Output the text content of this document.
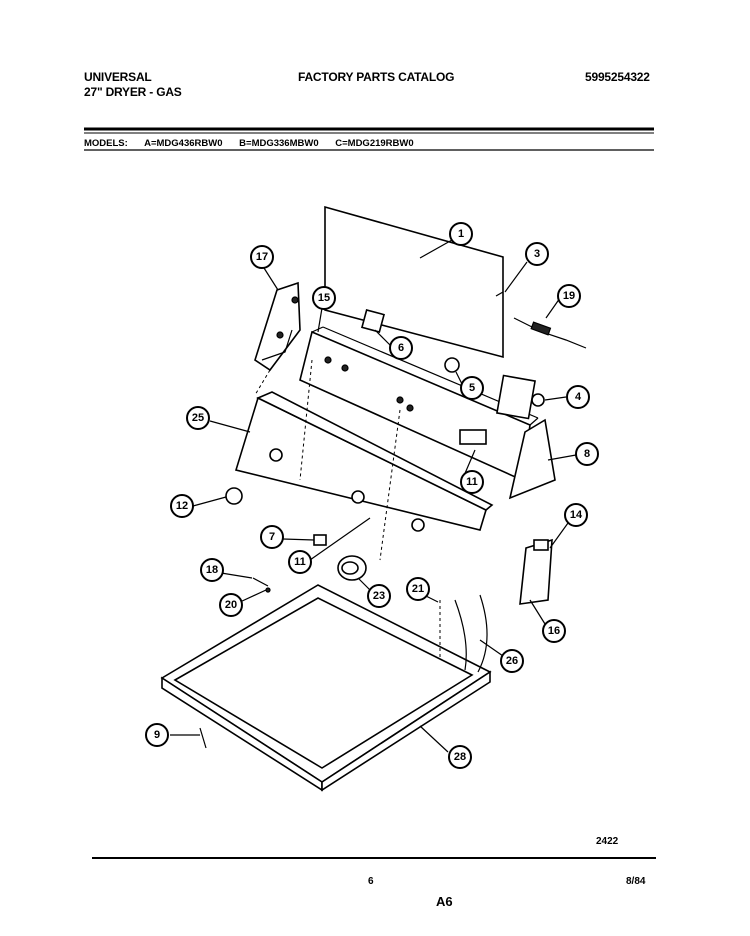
UNIVERSAL
27" DRYER - GAS
FACTORY PARTS CATALOG	5995254322
MODELS: A=MDG436RBW0 B=MDG336MBW0 C=MDG219RBW0
1
3
19
17
15
6
5
4
8
11
25
12
7
11
14
16
18
20
21
23
26
28
9
2422
6
A6
8/84
